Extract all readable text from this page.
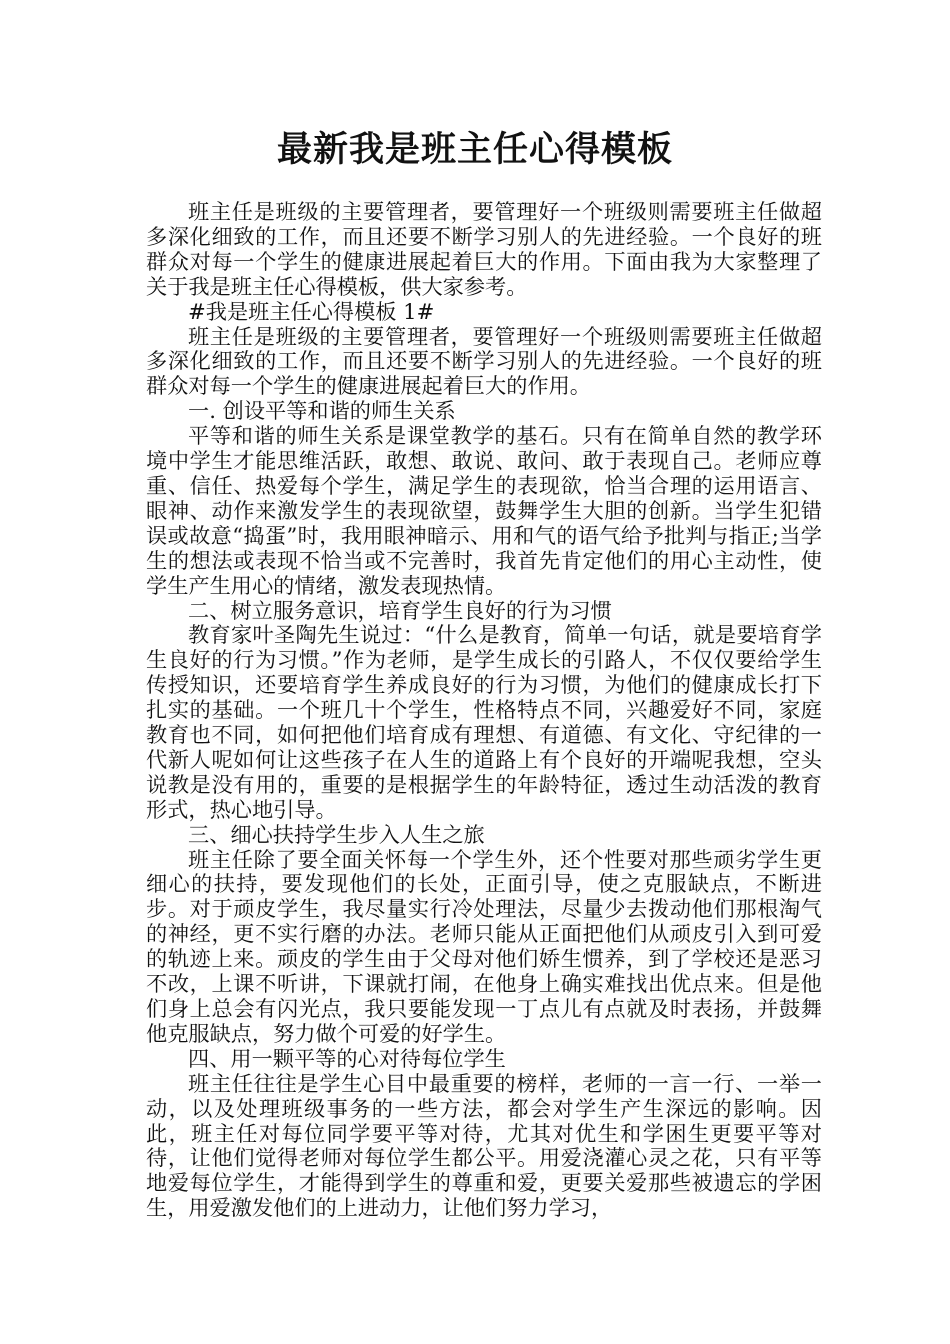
最新我是班主任心得模板

班主任是班级的主要管理者，要管理好一个班级则需要班主任做超多深化细致的工作，而且还要不断学习别人的先进经验。一个良好的班群众对每一个学生的健康进展起着巨大的作用。下面由我为大家整理了关于我是班主任心得模板，供大家参考。

#我是班主任心得模板 1#

班主任是班级的主要管理者，要管理好一个班级则需要班主任做超多深化细致的工作，而且还要不断学习别人的先进经验。一个良好的班群众对每一个学生的健康进展起着巨大的作用。

一. 创设平等和谐的师生关系

平等和谐的师生关系是课堂教学的基石。只有在简单自然的教学环境中学生才能思维活跃，敢想、敢说、敢问、敢于表现自己。老师应尊重、信任、热爱每个学生，满足学生的表现欲，恰当合理的运用语言、眼神、动作来激发学生的表现欲望，鼓舞学生大胆的创新。当学生犯错误或故意“捣蛋”时，我用眼神暗示、用和气的语气给予批判与指正;当学生的想法或表现不恰当或不完善时，我首先肯定他们的用心主动性，使学生产生用心的情绪，激发表现热情。

二、树立服务意识，培育学生良好的行为习惯

教育家叶圣陶先生说过：“什么是教育，简单一句话，就是要培育学生良好的行为习惯。”作为老师，是学生成长的引路人，不仅仅要给学生传授知识，还要培育学生养成良好的行为习惯，为他们的健康成长打下扎实的基础。一个班几十个学生，性格特点不同，兴趣爱好不同，家庭教育也不同，如何把他们培育成有理想、有道德、有文化、守纪律的一代新人呢如何让这些孩子在人生的道路上有个良好的开端呢我想，空头说教是没有用的，重要的是根据学生的年龄特征，透过生动活泼的教育形式，热心地引导。

三、细心扶持学生步入人生之旅

班主任除了要全面关怀每一个学生外，还个性要对那些顽劣学生更细心的扶持，要发现他们的长处，正面引导，使之克服缺点，不断进步。对于顽皮学生，我尽量实行冷处理法，尽量少去拨动他们那根淘气的神经，更不实行磨的办法。老师只能从正面把他们从顽皮引入到可爱的轨迹上来。顽皮的学生由于父母对他们娇生惯养，到了学校还是恶习不改，上课不听讲，下课就打闹，在他身上确实难找出优点来。但是他们身上总会有闪光点，我只要能发现一丁点儿有点就及时表扬，并鼓舞他克服缺点，努力做个可爱的好学生。

四、用一颗平等的心对待每位学生

班主任往往是学生心目中最重要的榜样，老师的一言一行、一举一动，以及处理班级事务的一些方法，都会对学生产生深远的影响。因此，班主任对每位同学要平等对待，尤其对优生和学困生更要平等对待，让他们觉得老师对每位学生都公平。用爱浇灌心灵之花，只有平等地爱每位学生，才能得到学生的尊重和爱，更要关爱那些被遗忘的学困生，用爱激发他们的上进动力，让他们努力学习，
